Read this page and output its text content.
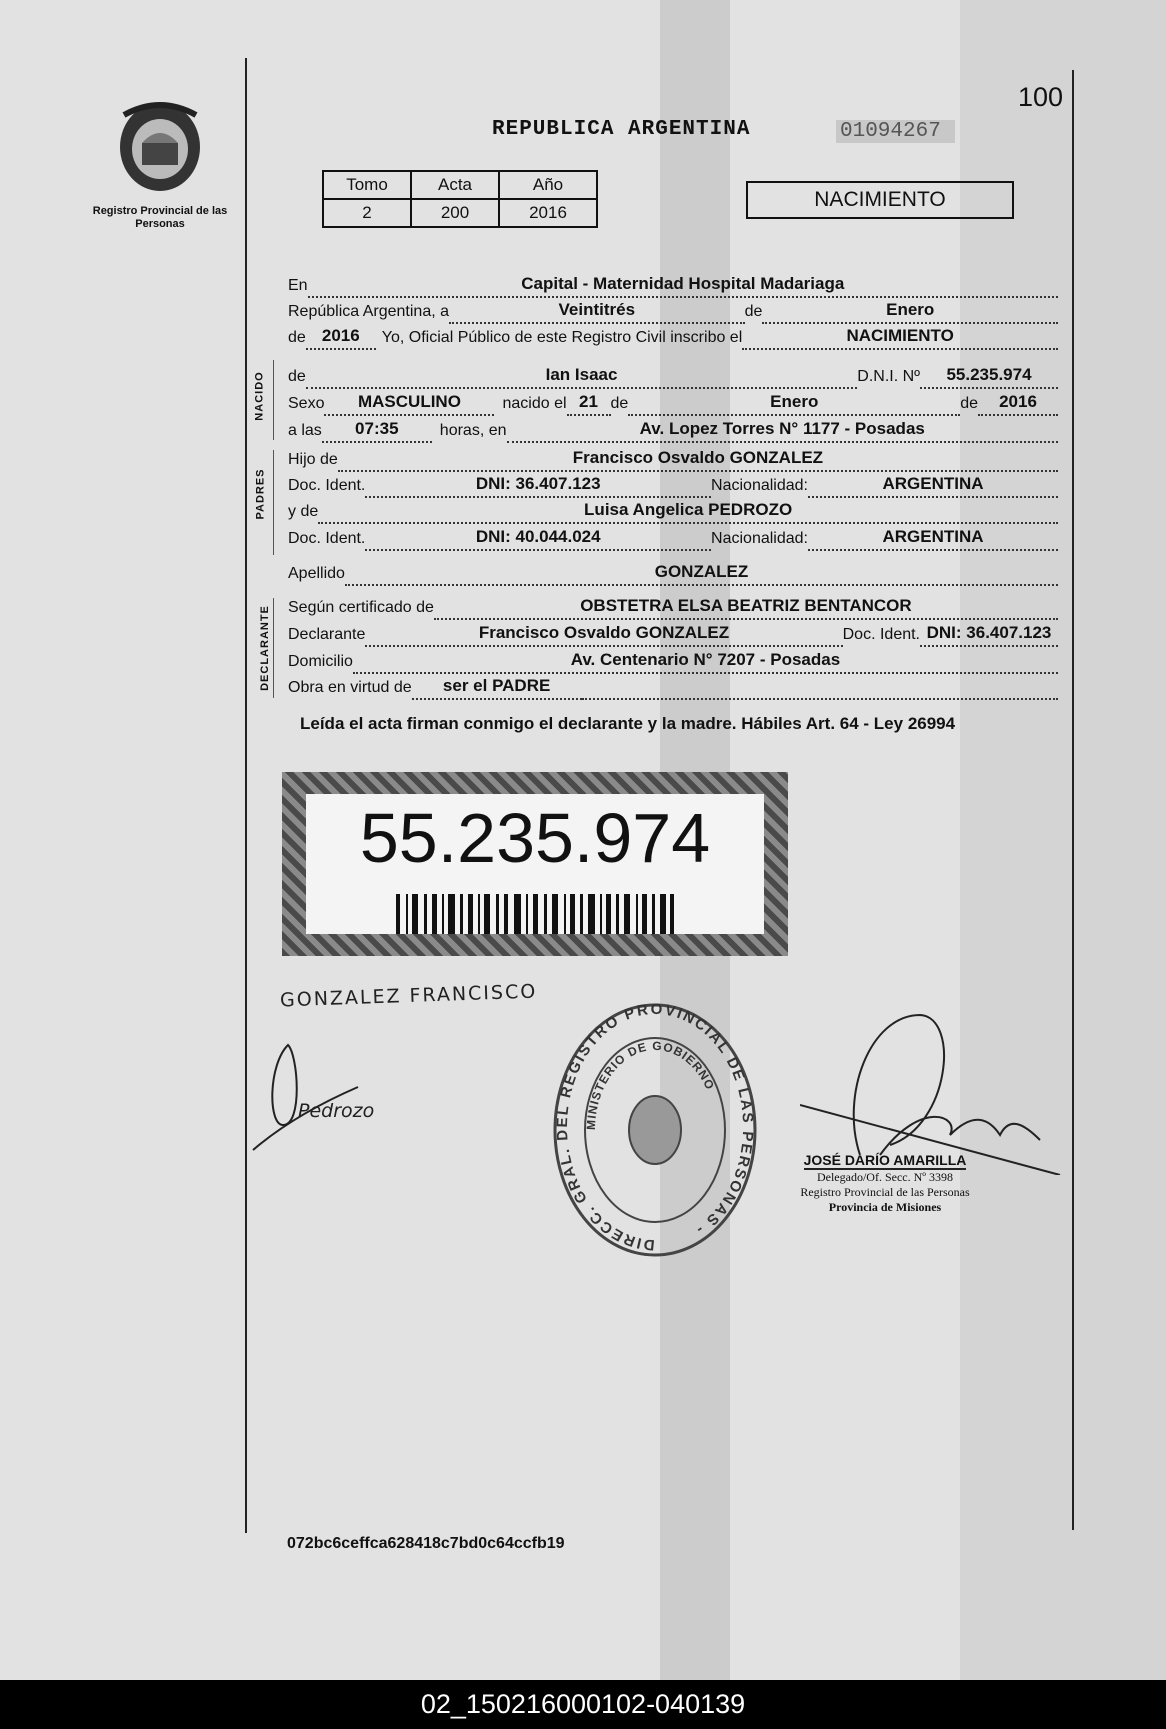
Registro Provincial de las Personas
100
REPUBLICA ARGENTINA	01094267
Tomo	Acta	Año
2	200	2016
NACIMIENTO
En	Capital - Maternidad Hospital Madariaga
República Argentina, a	Veintitrés	de	Enero
de 2016	Yo, Oficial Público de este Registro Civil inscribo el	NACIMIENTO
NACIDO de	Ian Isaac	D.N.I. Nº	55.235.974
Sexo	MASCULINO	nacido el 21 de	Enero	de	2016
a las	07:35	horas, en	Av. Lopez Torres N° 1177 - Posadas
PADRES
Hijo de	Francisco Osvaldo GONZALEZ
Doc. Ident.	DNI: 36.407.123	Nacionalidad:	ARGENTINA
y de	Luisa Angelica PEDROZO
Doc. Ident.	DNI: 40.044.024	Nacionalidad:	ARGENTINA
Apellido	GONZALEZ
DECLARANTE Según certificado de	OBSTETRA ELSA BEATRIZ BENTANCOR
Declarante	Francisco Osvaldo GONZALEZ	Doc. Ident. DNI: 36.407.123
Domicilio	Av. Centenario N° 7207 - Posadas
Obra en virtud de	ser el PADRE
Leída el acta firman conmigo el declarante y la madre. Hábiles Art. 64 - Ley 26994
55.235.974
GONZALEZ FRANCISCO
Pedrozo
DIRECC. GRAL. DEL REGISTRO PROVINCIAL DE LAS PERSONAS -
MINISTERIO DE GOBIERNO
JOSÉ DARÍO AMARILLA
Delegado/Of. Secc. Nº 3398
Registro Provincial de las Personas
Provincia de Misiones
072bc6ceffca628418c7bd0c64ccfb19
02_150216000102-040139
